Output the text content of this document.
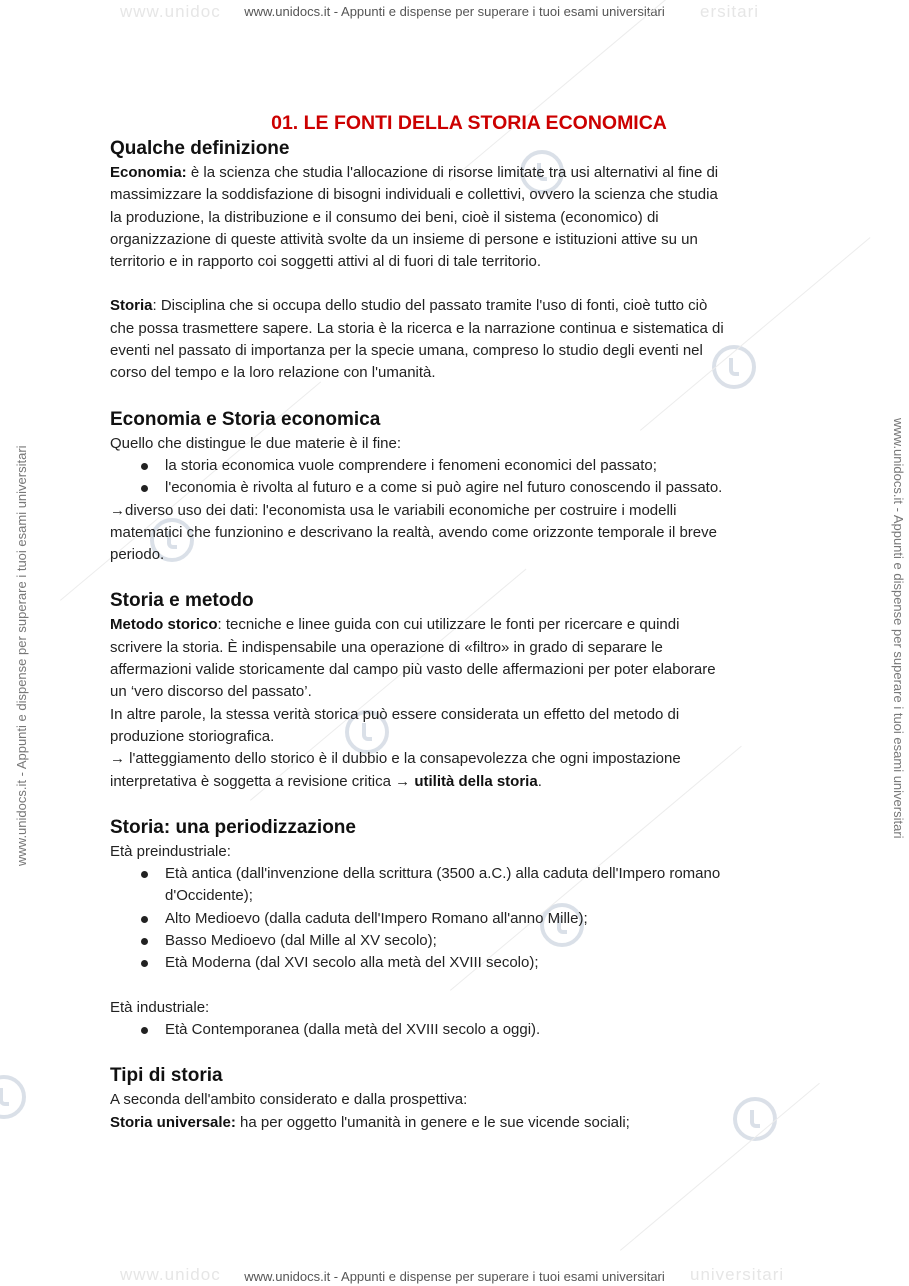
www.unidoc	ersitari
www.unidoc	universitari
www.unidocs.it - Appunti e dispense per superare i tuoi esami universitari
www.unidocs.it - Appunti e dispense per superare i tuoi esami universitari
www.unidocs.it - Appunti e dispense per superare i tuoi esami universitari	www.unidocs.it - Appunti e dispense per superare i tuoi esami universitari
01. LE FONTI DELLA STORIA ECONOMICA
Qualche definizione

Economia: è la scienza che studia l'allocazione di risorse limitate tra usi alternativi al fine di
massimizzare la soddisfazione di bisogni individuali e collettivi, ovvero la scienza che studia
la produzione, la distribuzione e il consumo dei beni, cioè il sistema (economico) di
organizzazione di queste attività svolte da un insieme di persone e istituzioni attive su un
territorio e in rapporto coi soggetti attivi al di fuori di tale territorio.

Storia: Disciplina che si occupa dello studio del passato tramite l'uso di fonti, cioè tutto ciò
che possa trasmettere sapere. La storia è la ricerca e la narrazione continua e sistematica di
eventi nel passato di importanza per la specie umana, compreso lo studio degli eventi nel
corso del tempo e la loro relazione con l'umanità.

Economia e Storia economica

Quello che distingue le due materie è il fine:

la storia economica vuole comprendere i fenomeni economici del passato;
l'economia è rivolta al futuro e a come si può agire nel futuro conoscendo il passato.

→diverso uso dei dati: l'economista usa le variabili economiche per costruire i modelli
matematici che funzionino e descrivano la realtà, avendo come orizzonte temporale il breve
periodo.

Storia e metodo

Metodo storico: tecniche e linee guida con cui utilizzare le fonti per ricercare e quindi
scrivere la storia. È indispensabile una operazione di «filtro» in grado di separare le
affermazioni valide storicamente dal campo più vasto delle affermazioni per poter elaborare
un ‘vero discorso del passato’.

In altre parole, la stessa verità storica può essere considerata un effetto del metodo di
produzione storiografica.

→ l'atteggiamento dello storico è il dubbio e la consapevolezza che ogni impostazione
interpretativa è soggetta a revisione critica → utilità della storia.

Storia: una periodizzazione

Età preindustriale:

Età antica (dall'invenzione della scrittura (3500 a.C.) alla caduta dell'Impero romano d'Occidente);
Alto Medioevo (dalla caduta dell'Impero Romano all'anno Mille);
Basso Medioevo (dal Mille al XV secolo);
Età Moderna (dal XVI secolo alla metà del XVIII secolo);

Età industriale:

Età Contemporanea (dalla metà del XVIII secolo a oggi).
Tipi di storia

A seconda dell'ambito considerato e dalla prospettiva:

Storia universale: ha per oggetto l'umanità in genere e le sue vicende sociali;
